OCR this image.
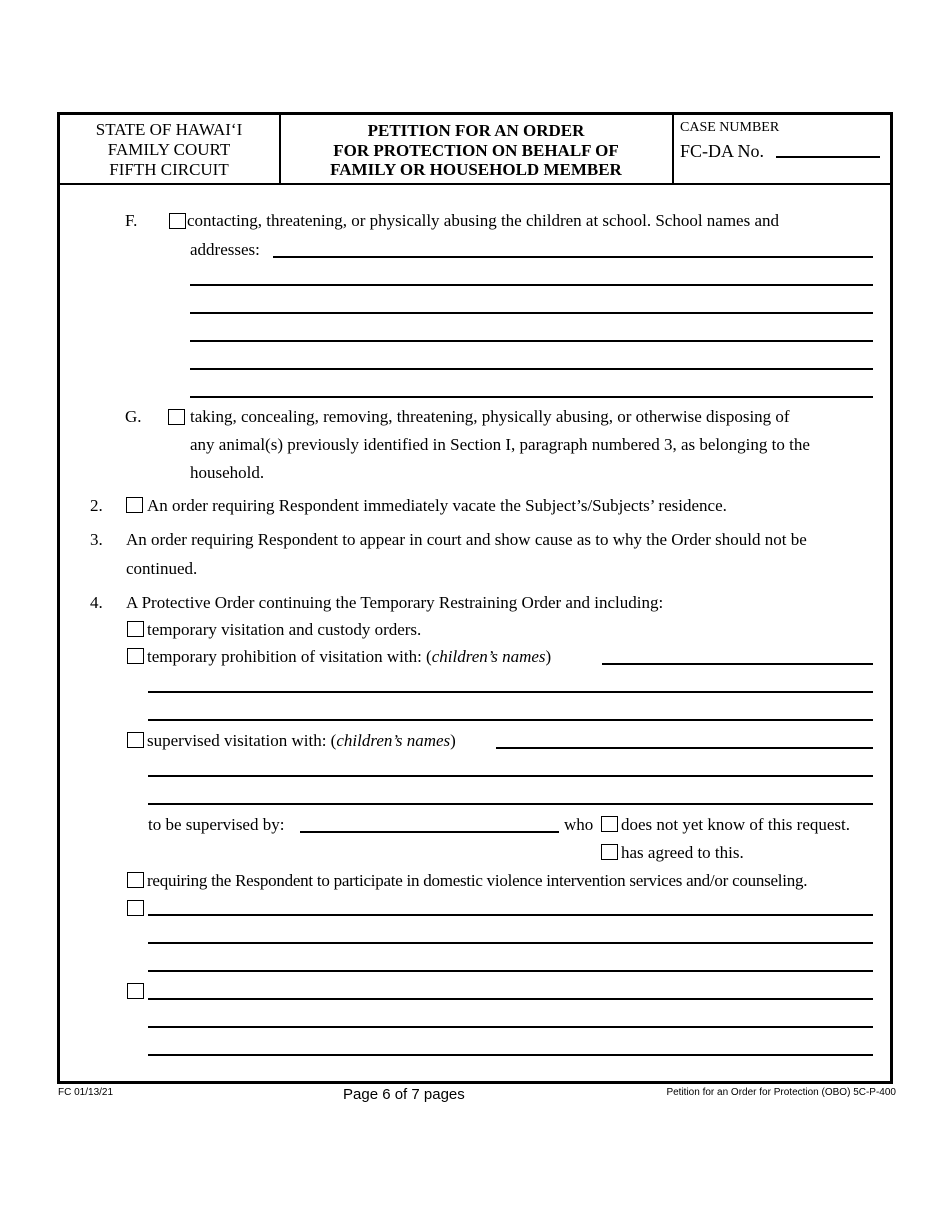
STATE OF HAWAI‘I
FAMILY COURT
FIFTH CIRCUIT
PETITION FOR AN ORDER
FOR PROTECTION ON BEHALF OF
FAMILY OR HOUSEHOLD MEMBER
CASE NUMBER
FC-DA No.
F.	contacting, threatening, or physically abusing the children at school. School names and
addresses:
G.	taking, concealing, removing, threatening, physically abusing, or otherwise disposing of
any animal(s) previously identified in Section I, paragraph numbered 3, as belonging to the
household.
2.	An order requiring Respondent immediately vacate the Subject’s/Subjects’ residence.
3. An order requiring Respondent to appear in court and show cause as to why the Order should not be
continued.
4. A Protective Order continuing the Temporary Restraining Order and including:
temporary visitation and custody orders.
temporary prohibition of visitation with: (children’s names)
supervised visitation with: (children’s names)
to be supervised by:	who does not yet know of this request.
has agreed to this.
requiring the Respondent to participate in domestic violence intervention services and/or counseling.
FC 01/13/21	Page 6 of 7 pages	Petition for an Order for Protection (OBO) 5C-P-400
